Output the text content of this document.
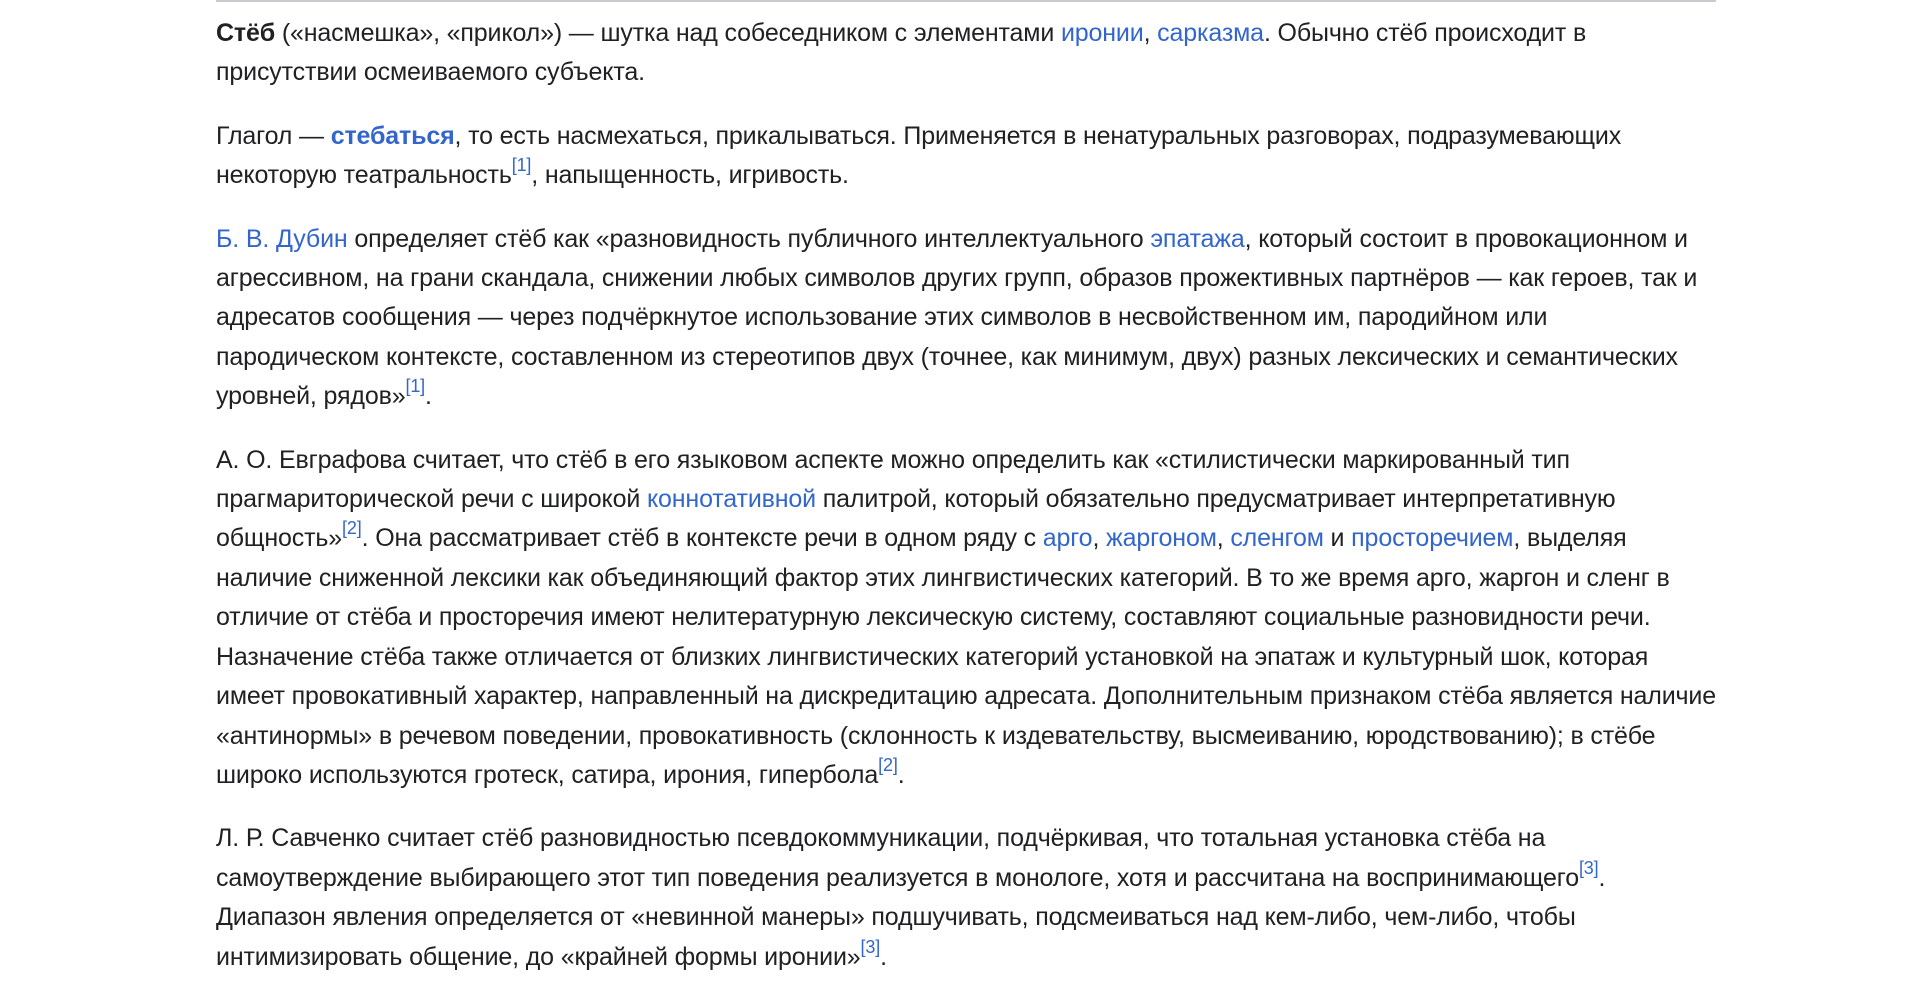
Стёб («насмешка», «прикол») — шутка над собеседником с элементами иронии, сарказма. Обычно стёб происходит в присутствии осмеиваемого субъекта.

Глагол — стебаться, то есть насмехаться, прикалываться. Применяется в ненатуральных разговорах, подразумевающих некоторую театральность[1], напыщенность, игривость.

Б. В. Дубин определяет стёб как «разновидность публичного интеллектуального эпатажа, который состоит в провокационном и агрессивном, на грани скандала, снижении любых символов других групп, образов прожективных партнёров — как героев, так и адресатов сообщения — через подчёркнутое использование этих символов в несвойственном им, пародийном или пародическом контексте, составленном из стереотипов двух (точнее, как минимум, двух) разных лексических и семантических уровней, рядов»[1].

А. О. Евграфова считает, что стёб в его языковом аспекте можно определить как «стилистически маркированный тип прагмариторической речи с широкой коннотативной палитрой, который обязательно предусматривает интерпретативную общность»[2]. Она рассматривает стёб в контексте речи в одном ряду с арго, жаргоном, сленгом и просторечием, выделяя наличие сниженной лексики как объединяющий фактор этих лингвистических категорий. В то же время арго, жаргон и сленг в отличие от стёба и просторечия имеют нелитературную лексическую систему, составляют социальные разновидности речи. Назначение стёба также отличается от близких лингвистических категорий установкой на эпатаж и культурный шок, которая имеет провокативный характер, направленный на дискредитацию адресата. Дополнительным признаком стёба является наличие «антинормы» в речевом поведении, провокативность (склонность к издевательству, высмеиванию, юродствованию); в стёбе широко используются гротеск, сатира, ирония, гипербола[2].

Л. Р. Савченко считает стёб разновидностью псевдокоммуникации, подчёркивая, что тотальная установка стёба на самоутверждение выбирающего этот тип поведения реализуется в монологе, хотя и рассчитана на воспринимающего[3]. Диапазон явления определяется от «невинной манеры» подшучивать, подсмеиваться над кем-либо, чем-либо, чтобы интимизировать общение, до «крайней формы иронии»[3].
